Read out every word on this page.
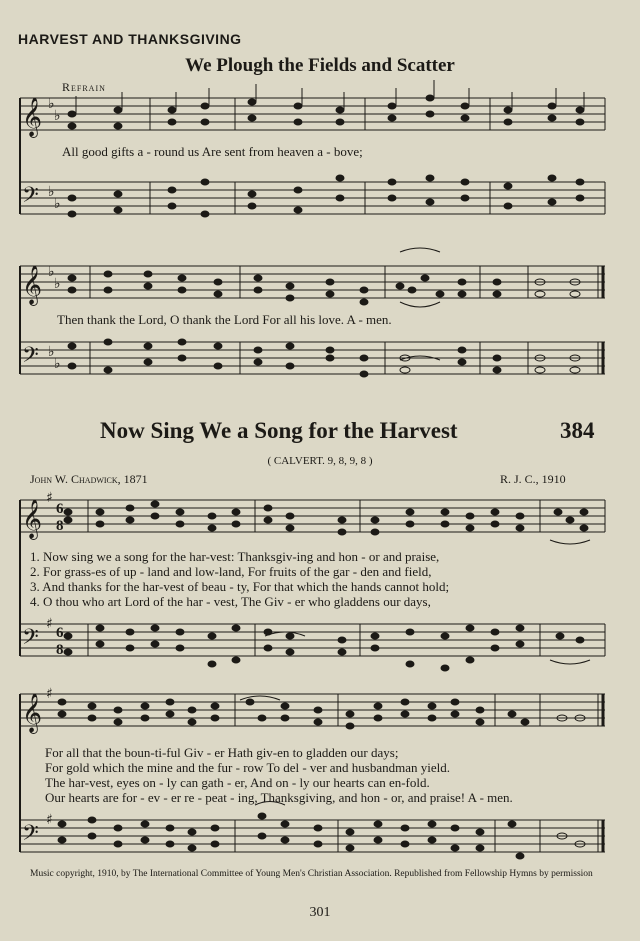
HARVEST AND THANKSGIVING
We Plough the Fields and Scatter
Refrain
𝄞
𝄢
𝄞
𝄢
𝄞
𝄢
𝄞
𝄢
♭
♭
♭
♭
♭
♭
♭
♭
♯
♯
♯
♯
6
8
6
8
All good gifts a - round us Are sent from heaven a - bove;
Then thank the Lord, O thank the Lord For all his love. A - men.
Now Sing We a Song for the Harvest	384
( CALVERT. 9, 8, 9, 8 )
John W. Chadwick, 1871	R. J. C., 1910
1. Now sing we a song for the har-vest: Thanksgiv-ing and hon - or and praise,
2. For grass-es of up - land and low-land, For fruits of the gar - den and field,
3. And thanks for the har-vest of beau - ty, For that which the hands cannot hold;
4. O thou who art Lord of the har - vest, The Giv - er who gladdens our days,
For all that the boun-ti-ful Giv - er Hath giv-en to gladden our days;
For gold which the mine and the fur - row To del - ver and husbandman yield.
The har-vest, eyes on - ly can gath - er, And on - ly our hearts can en-fold.
Our hearts are for - ev - er re - peat - ing, Thanksgiving, and hon - or, and praise! A - men.
Music copyright, 1910, by The International Committee of Young Men's Christian Association. Republished from Fellowship Hymns by permission
301
